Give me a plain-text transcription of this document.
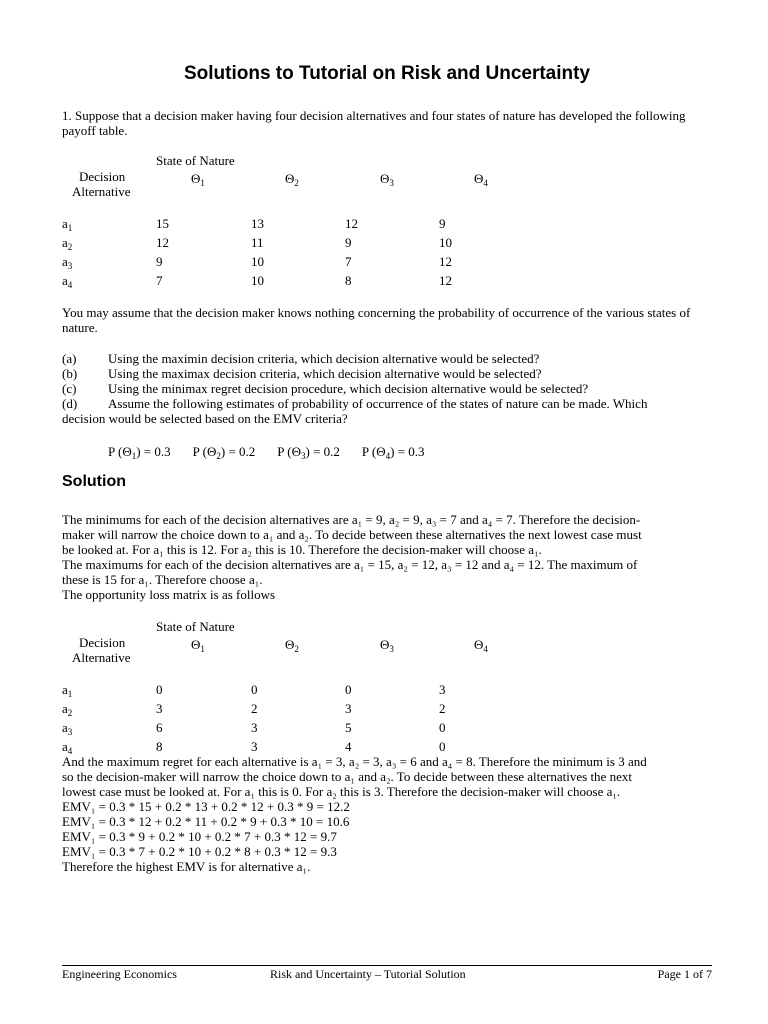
Solutions to Tutorial on Risk and Uncertainty

1. Suppose that a decision maker having four decision alternatives and four states of nature has developed the following payoff table.

State of Nature
Decision
Alternative
$\Theta_1$	$\Theta_2$	$\Theta_3$	$\Theta_4$
$a_1$	15	13	12	9
$a_2$	12	11	9	10
$a_3$	9	10	7	12
$a_4$	7	10	8	12

You may assume that the decision maker knows nothing concerning the probability of occurrence of the various states of nature.

(a)	Using the maximin decision criteria, which decision alternative would be selected?
(b)	Using the maximax decision criteria, which decision alternative would be selected?
(c)	Using the minimax regret decision procedure, which decision alternative would be selected?
(d)	Assume the following estimates of probability of occurrence of the states of nature can be made. Which

decision would be selected based on the EMV criteria?

P $(\Theta_1) = 0.3$ P $(\Theta_2) = 0.2$ P $(\Theta_3) = 0.2$ P $(\Theta_4) = 0.3$
Solution

The minimums for each of the decision alternatives are a₁ = 9, a₂ = 9, a₃ = 7 and a₄ = 7. Therefore the decision-

maker will narrow the choice down to a₁ and a₂. To decide between these alternatives the next lowest case must

be looked at. For a₁ this is 12. For a₂ this is 10. Therefore the decision-maker will choose a₁.

The maximums for each of the decision alternatives are a₁ = 15, a₂ = 12, a₃ = 12 and a₄ = 12. The maximum of

these is 15 for a₁. Therefore choose a₁.

The opportunity loss matrix is as follows

State of Nature
Decision
Alternative
$\Theta_1$	$\Theta_2$	$\Theta_3$	$\Theta_4$
$a_1$	0	0	0	3
$a_2$	3	2	3	2
$a_3$	6	3	5	0
$a_4$	8	3	4	0

And the maximum regret for each alternative is a₁ = 3, a₂ = 3, a₃ = 6 and a₄ = 8. Therefore the minimum is 3 and

so the decision-maker will narrow the choice down to a₁ and a₂. To decide between these alternatives the next

lowest case must be looked at. For a₁ this is 0. For a₂ this is 3. Therefore the decision-maker will choose a₁.

EMV₁ = 0.3 * 15 + 0.2 * 13 + 0.2 * 12 + 0.3 * 9 = 12.2

EMV₁ = 0.3 * 12 + 0.2 * 11 + 0.2 * 9 + 0.3 * 10 = 10.6

EMV₁ = 0.3 * 9 + 0.2 * 10 + 0.2 * 7 + 0.3 * 12 = 9.7

EMV₁ = 0.3 * 7 + 0.2 * 10 + 0.2 * 8 + 0.3 * 12 = 9.3

Therefore the highest EMV is for alternative a₁.

Engineering Economics	Risk and Uncertainty – Tutorial Solution	Page 1 of 7
